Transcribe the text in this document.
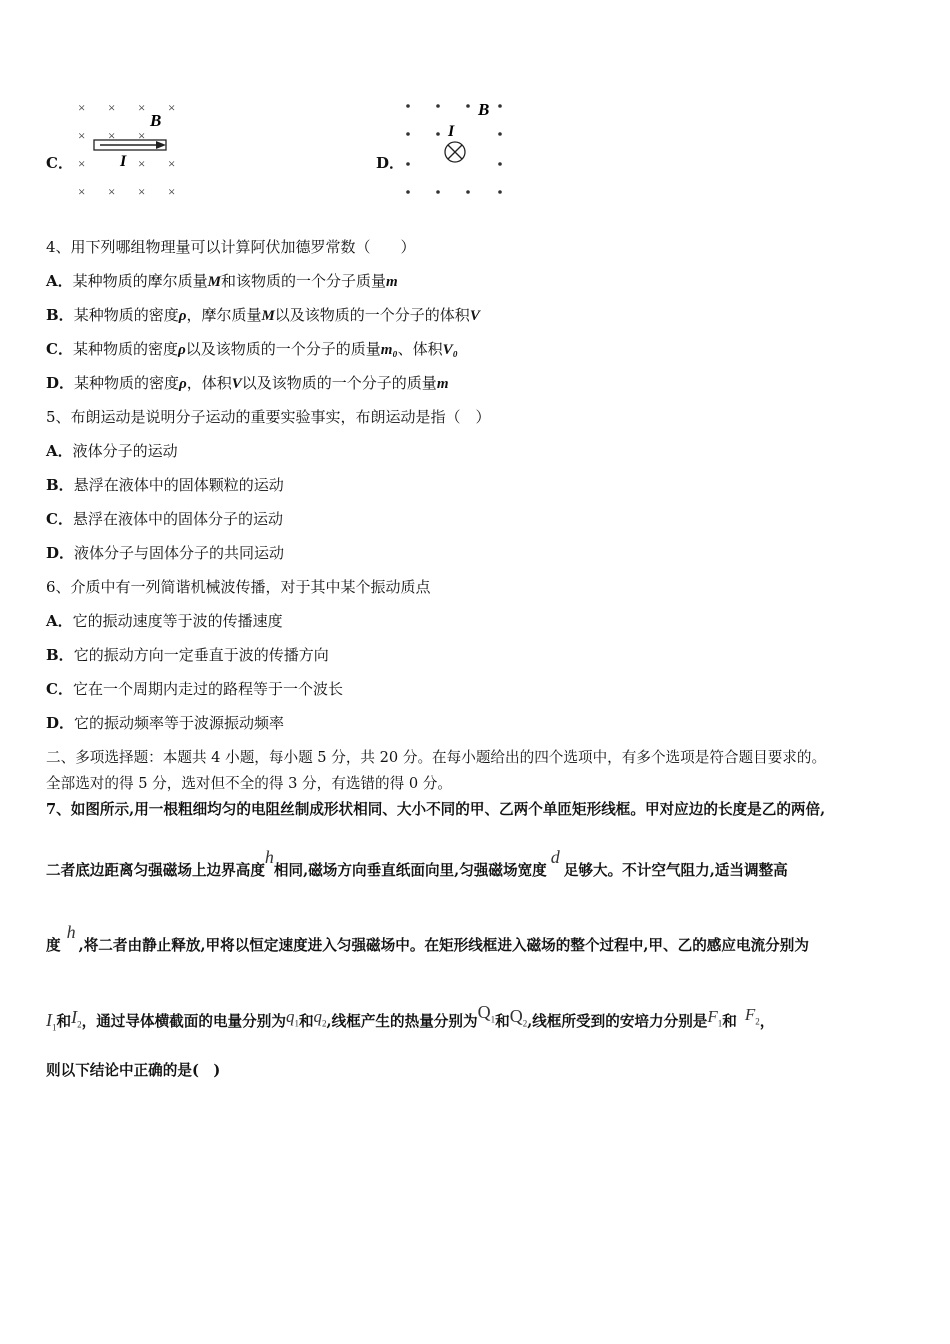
C．
× × × ×
× × ×
×	× ×
× × × ×
B
I	D．
B
I
4、用下列哪组物理量可以计算阿伏加德罗常数（　　）
A．某种物质的摩尔质量M和该物质的一个分子质量m
B．某种物质的密度ρ，摩尔质量M以及该物质的一个分子的体积V
C．某种物质的密度ρ以及该物质的一个分子的质量m₀、体积V₀
D．某种物质的密度ρ，体积V以及该物质的一个分子的质量m
5、布朗运动是说明分子运动的重要实验事实，布朗运动是指（　）
A．液体分子的运动
B．悬浮在液体中的固体颗粒的运动
C．悬浮在液体中的固体分子的运动
D．液体分子与固体分子的共同运动
6、介质中有一列简谐机械波传播，对于其中某个振动质点
A．它的振动速度等于波的传播速度
B．它的振动方向一定垂直于波的传播方向
C．它在一个周期内走过的路程等于一个波长
D．它的振动频率等于波源振动频率
二、多项选择题：本题共 4 小题，每小题 5 分，共 20 分。在每小题给出的四个选项中，有多个选项是符合题目要求的。
全部选对的得 5 分，选对但不全的得 3 分，有选错的得 0 分。
7、如图所示,用一根粗细均匀的电阻丝制成形状相同、大小不同的甲、乙两个单匝矩形线框。甲对应边的长度是乙的两倍,
二者底边距离匀强磁场上边界高度h相同,磁场方向垂直纸面向里,匀强磁场宽度d足够大。不计空气阻力,适当调整高
度h,将二者由静止释放,甲将以恒定速度进入匀强磁场中。在矩形线框进入磁场的整个过程中,甲、乙的感应电流分别为
$I_1$和$I_2$，通过导体横截面的电量分别为$q_1$和$q_2$,线框产生的热量分别为$Q_1$和$Q_2$,线框所受到的安培力分别是$F_1$和 $F_2$，
则以下结论中正确的是(　)
